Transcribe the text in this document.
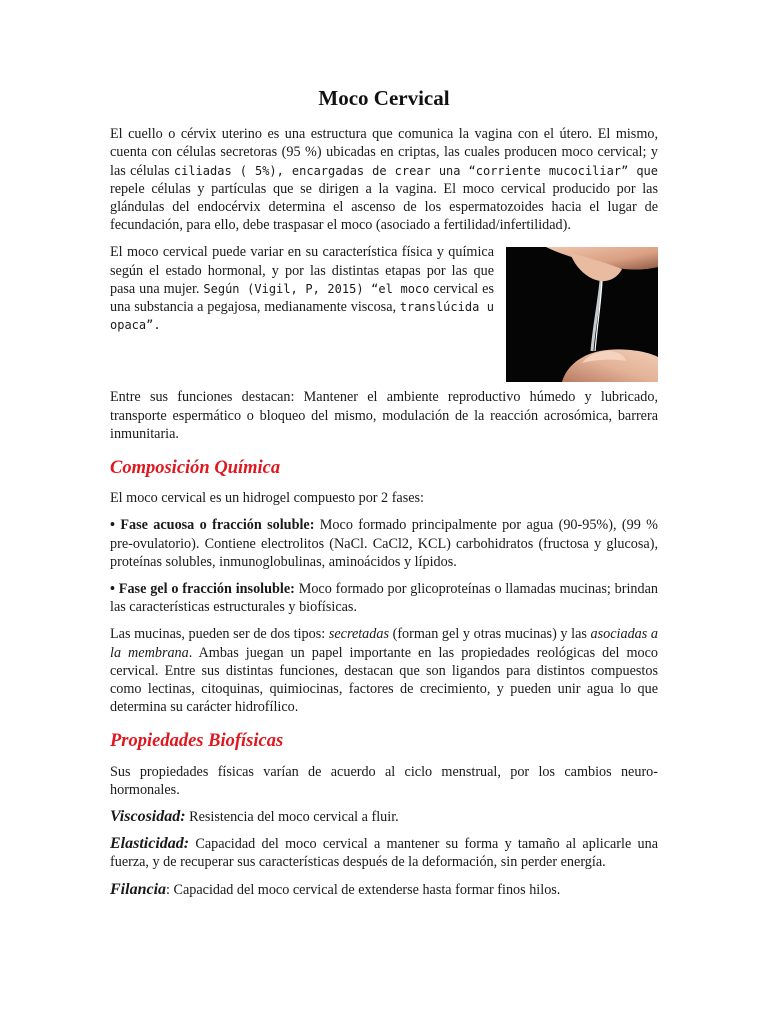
Moco Cervical

El cuello o cérvix uterino es una estructura que comunica la vagina con el útero. El mismo, cuenta con células secretoras (95 %) ubicadas en criptas, las cuales producen moco cervical; y las células ciliadas ( 5%), encargadas de crear una “corriente mucociliar” que repele células y partículas que se dirigen a la vagina. El moco cervical producido por las glándulas del endocérvix determina el ascenso de los espermatozoides hacia el lugar de fecundación, para ello, debe traspasar el moco (asociado a fertilidad/infertilidad).

El moco cervical puede variar en su característica física y química según el estado hormonal, y por las distintas etapas por las que pasa una mujer. Según (Vigil, P, 2015) “el moco cervical es una substancia a pegajosa, medianamente viscosa, translúcida u opaca”.

Entre sus funciones destacan: Mantener el ambiente reproductivo húmedo y lubricado, transporte espermático o bloqueo del mismo, modulación de la reacción acrosómica, barrera inmunitaria.

Composición Química

El moco cervical es un hidrogel compuesto por 2 fases:

• Fase acuosa o fracción soluble: Moco formado principalmente por agua (90-95%), (99 % pre-ovulatorio). Contiene electrolitos (NaCl. CaCl2, KCL) carbohidratos (fructosa y glucosa), proteínas solubles, inmunoglobulinas, aminoácidos y lípidos.

• Fase gel o fracción insoluble: Moco formado por glicoproteínas o llamadas mucinas; brindan las características estructurales y biofísicas.

Las mucinas, pueden ser de dos tipos: secretadas (forman gel y otras mucinas) y las asociadas a la membrana. Ambas juegan un papel importante en las propiedades reológicas del moco cervical. Entre sus distintas funciones, destacan que son ligandos para distintos compuestos como lectinas, citoquinas, quimiocinas, factores de crecimiento, y pueden unir agua lo que determina su carácter hidrofílico.

Propiedades Biofísicas

Sus propiedades físicas varían de acuerdo al ciclo menstrual, por los cambios neuro-hormonales.

Viscosidad: Resistencia del moco cervical a fluir.

Elasticidad: Capacidad del moco cervical a mantener su forma y tamaño al aplicarle una fuerza, y de recuperar sus características después de la deformación, sin perder energía.

Filancia: Capacidad del moco cervical de extenderse hasta formar finos hilos.
